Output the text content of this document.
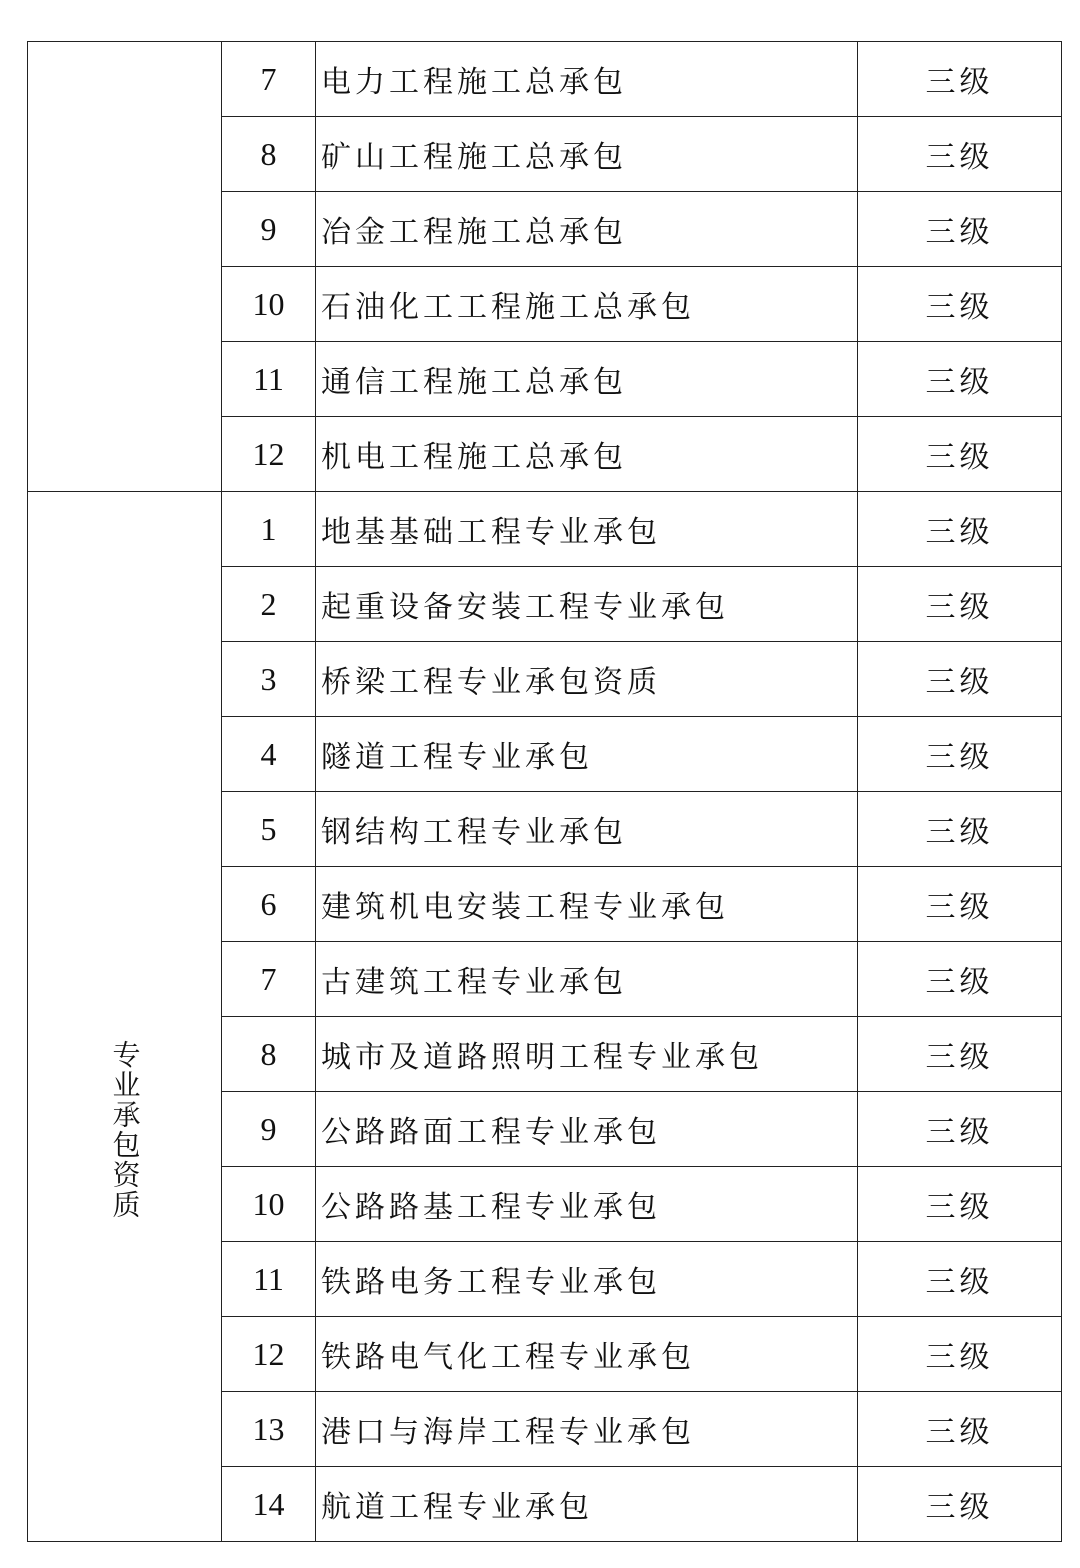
	7	电力工程施工总承包	三级
	8	矿山工程施工总承包	三级
	9	冶金工程施工总承包	三级
	10	石油化工工程施工总承包	三级
	11	通信工程施工总承包	三级
	12	机电工程施工总承包	三级
专业承包资质	1	地基基础工程专业承包	三级
	2	起重设备安装工程专业承包	三级
	3	桥梁工程专业承包资质	三级
	4	隧道工程专业承包	三级
	5	钢结构工程专业承包	三级
	6	建筑机电安装工程专业承包	三级
	7	古建筑工程专业承包	三级
	8	城市及道路照明工程专业承包	三级
	9	公路路面工程专业承包	三级
	10	公路路基工程专业承包	三级
	11	铁路电务工程专业承包	三级
	12	铁路电气化工程专业承包	三级
	13	港口与海岸工程专业承包	三级
	14	航道工程专业承包	三级
